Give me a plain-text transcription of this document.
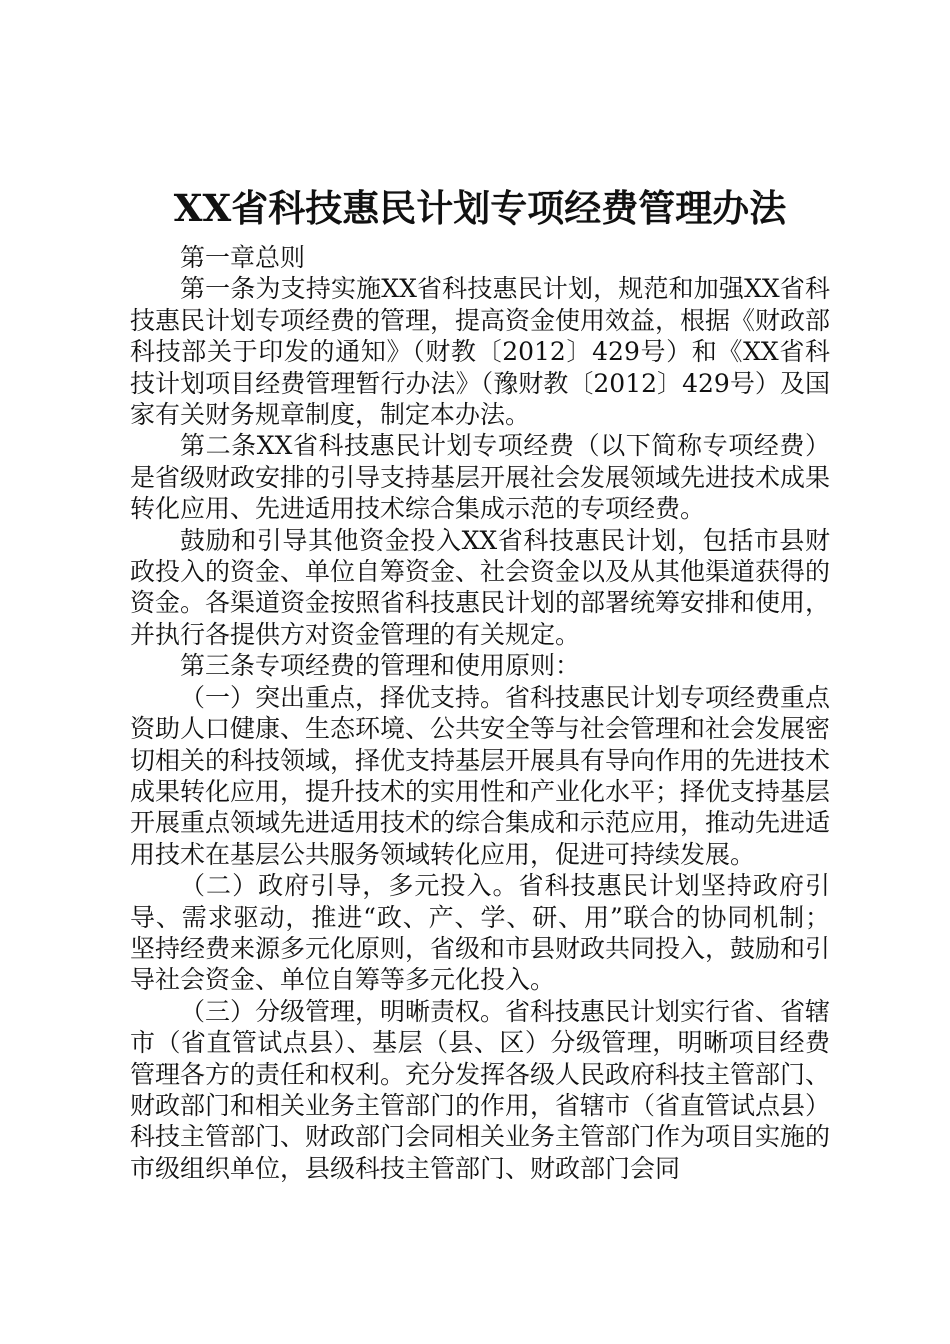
XX省科技惠民计划专项经费管理办法

第一章总则

第一条为支持实施XX省科技惠民计划，规范和加强XX省科技惠民计划专项经费的管理，提高资金使用效益，根据《财政部科技部关于印发的通知》（财教〔2012〕429号）和《XX省科技计划项目经费管理暂行办法》（豫财教〔2012〕429号）及国家有关财务规章制度，制定本办法。

第二条XX省科技惠民计划专项经费（以下简称专项经费）是省级财政安排的引导支持基层开展社会发展领域先进技术成果转化应用、先进适用技术综合集成示范的专项经费。

鼓励和引导其他资金投入XX省科技惠民计划，包括市县财政投入的资金、单位自筹资金、社会资金以及从其他渠道获得的资金。各渠道资金按照省科技惠民计划的部署统筹安排和使用，并执行各提供方对资金管理的有关规定。

第三条专项经费的管理和使用原则：

（一）突出重点，择优支持。省科技惠民计划专项经费重点资助人口健康、生态环境、公共安全等与社会管理和社会发展密切相关的科技领域，择优支持基层开展具有导向作用的先进技术成果转化应用，提升技术的实用性和产业化水平；择优支持基层开展重点领域先进适用技术的综合集成和示范应用，推动先进适用技术在基层公共服务领域转化应用，促进可持续发展。

（二）政府引导，多元投入。省科技惠民计划坚持政府引导、需求驱动，推进“政、产、学、研、用”联合的协同机制；坚持经费来源多元化原则，省级和市县财政共同投入，鼓励和引导社会资金、单位自筹等多元化投入。

（三）分级管理，明晰责权。省科技惠民计划实行省、省辖市（省直管试点县）、基层（县、区）分级管理，明晰项目经费管理各方的责任和权利。充分发挥各级人民政府科技主管部门、财政部门和相关业务主管部门的作用，省辖市（省直管试点县）科技主管部门、财政部门会同相关业务主管部门作为项目实施的市级组织单位，县级科技主管部门、财政部门会同
